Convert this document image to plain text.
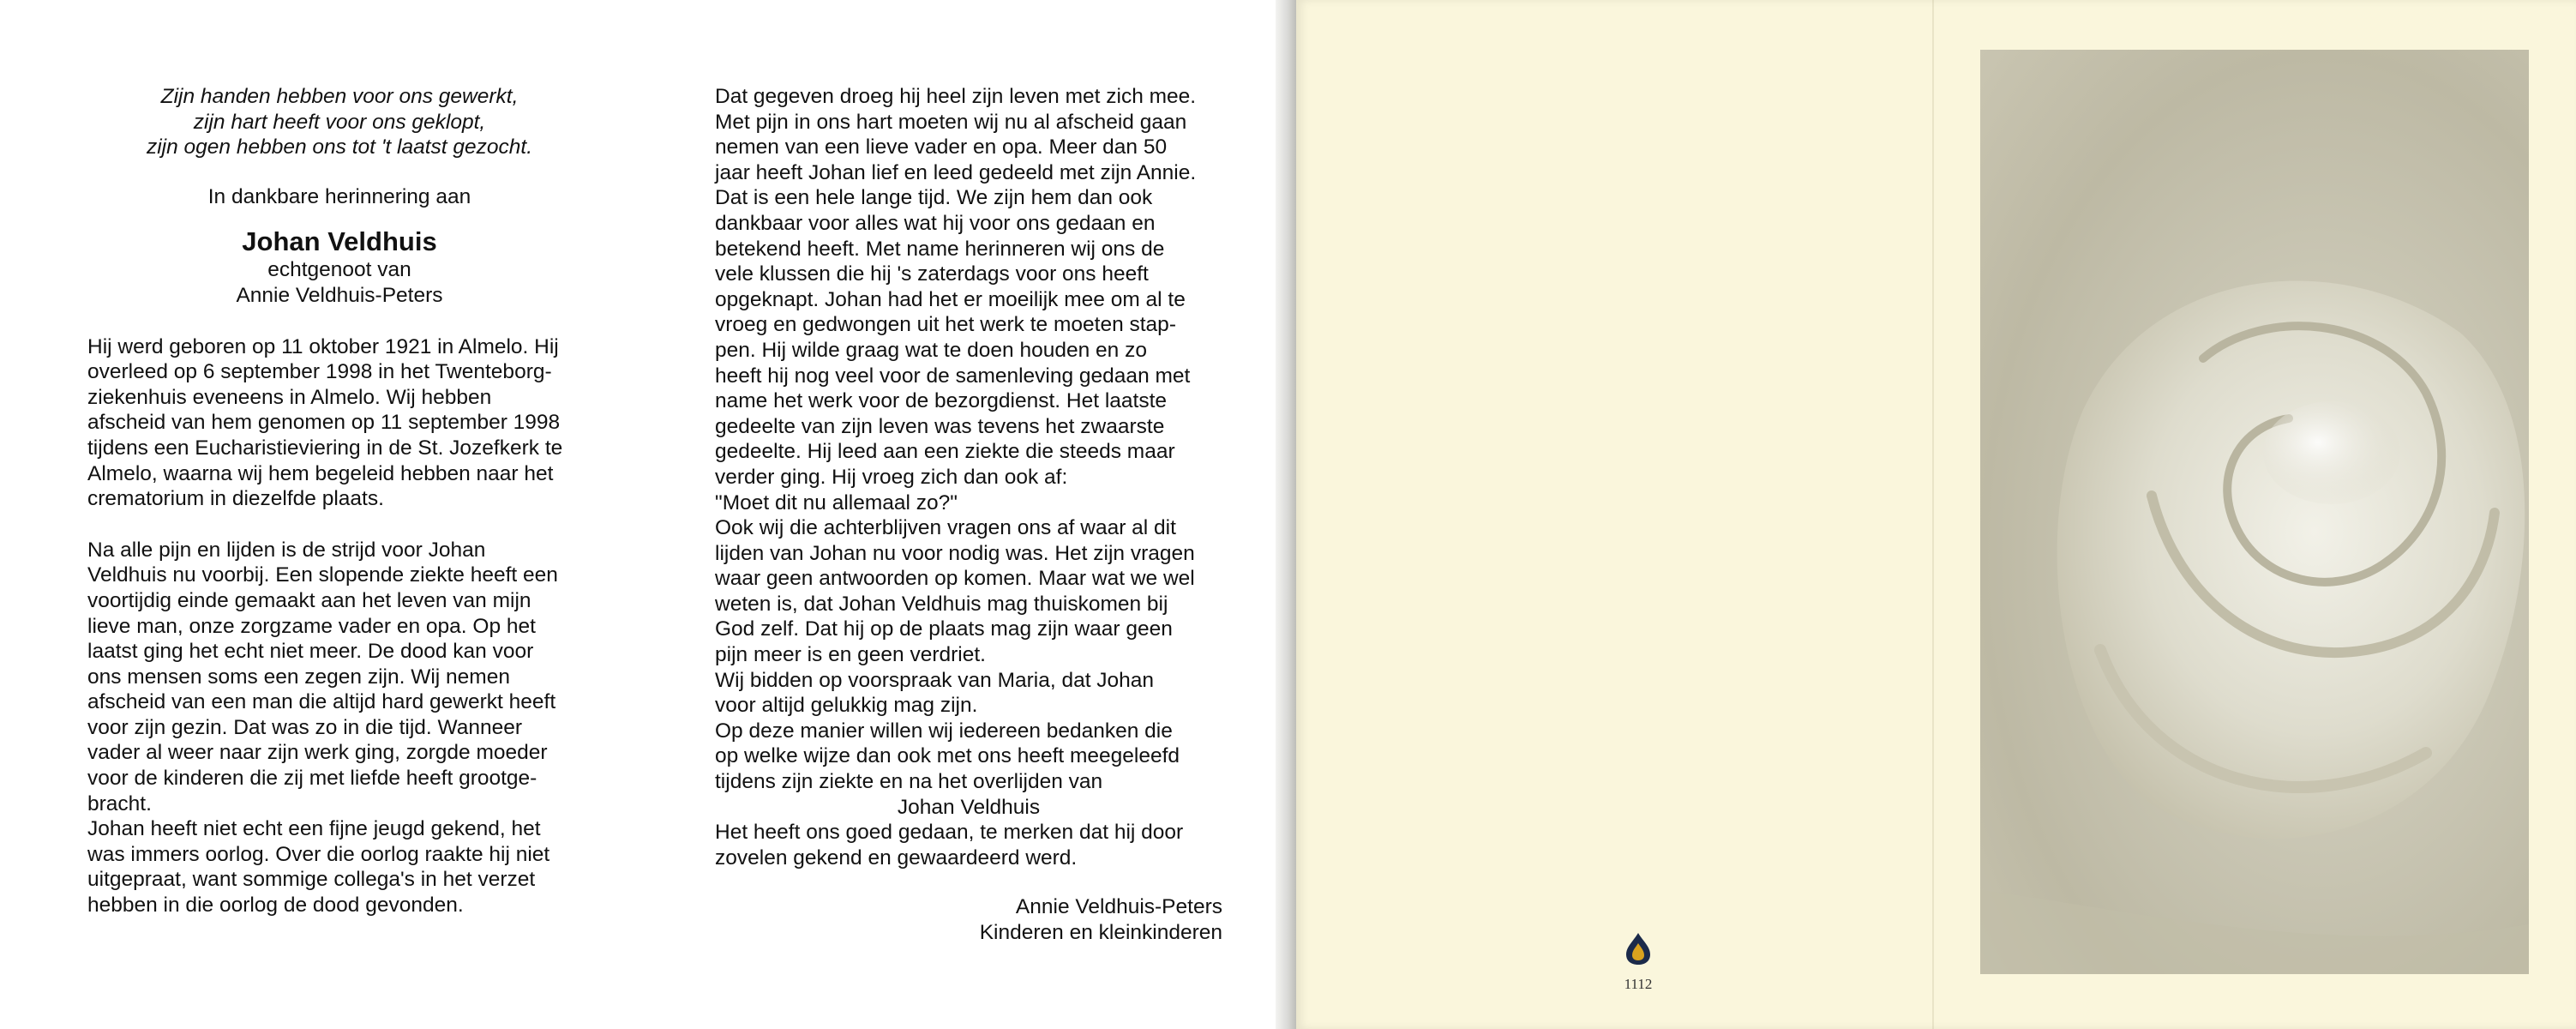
Zijn handen hebben voor ons gewerkt,
zijn hart heeft voor ons geklopt,
zijn ogen hebben ons tot 't laatst gezocht.

In dankbare herinnering aan

Johan Veldhuis

echtgenoot van

Annie Veldhuis-Peters

Hij werd geboren op 11 oktober 1921 in Almelo. Hij
overleed op 6 september 1998 in het Twenteborg-
ziekenhuis eveneens in Almelo. Wij hebben
afscheid van hem genomen op 11 september 1998
tijdens een Eucharistieviering in de St. Jozefkerk te
Almelo, waarna wij hem begeleid hebben naar het
crematorium in diezelfde plaats.

Na alle pijn en lijden is de strijd voor Johan
Veldhuis nu voorbij. Een slopende ziekte heeft een
voortijdig einde gemaakt aan het leven van mijn
lieve man, onze zorgzame vader en opa. Op het
laatst ging het echt niet meer. De dood kan voor
ons mensen soms een zegen zijn. Wij nemen
afscheid van een man die altijd hard gewerkt heeft
voor zijn gezin. Dat was zo in die tijd. Wanneer
vader al weer naar zijn werk ging, zorgde moeder
voor de kinderen die zij met liefde heeft grootge-
bracht.
Johan heeft niet echt een fijne jeugd gekend, het
was immers oorlog. Over die oorlog raakte hij niet
uitgepraat, want sommige collega's in het verzet
hebben in die oorlog de dood gevonden.

Dat gegeven droeg hij heel zijn leven met zich mee.
Met pijn in ons hart moeten wij nu al afscheid gaan
nemen van een lieve vader en opa. Meer dan 50
jaar heeft Johan lief en leed gedeeld met zijn Annie.
Dat is een hele lange tijd. We zijn hem dan ook
dankbaar voor alles wat hij voor ons gedaan en
betekend heeft. Met name herinneren wij ons de
vele klussen die hij 's zaterdags voor ons heeft
opgeknapt. Johan had het er moeilijk mee om al te
vroeg en gedwongen uit het werk te moeten stap-
pen. Hij wilde graag wat te doen houden en zo
heeft hij nog veel voor de samenleving gedaan met
name het werk voor de bezorgdienst. Het laatste
gedeelte van zijn leven was tevens het zwaarste
gedeelte. Hij leed aan een ziekte die steeds maar
verder ging. Hij vroeg zich dan ook af:
"Moet dit nu allemaal zo?"
Ook wij die achterblijven vragen ons af waar al dit
lijden van Johan nu voor nodig was. Het zijn vragen
waar geen antwoorden op komen. Maar wat we wel
weten is, dat Johan Veldhuis mag thuiskomen bij
God zelf. Dat hij op de plaats mag zijn waar geen
pijn meer is en geen verdriet.
Wij bidden op voorspraak van Maria, dat Johan
voor altijd gelukkig mag zijn.
Op deze manier willen wij iedereen bedanken die
op welke wijze dan ook met ons heeft meegeleefd
tijdens zijn ziekte en na het overlijden van

Johan Veldhuis

Het heeft ons goed gedaan, te merken dat hij door
zovelen gekend en gewaardeerd werd.

Annie Veldhuis-Peters
Kinderen en kleinkinderen

1112
